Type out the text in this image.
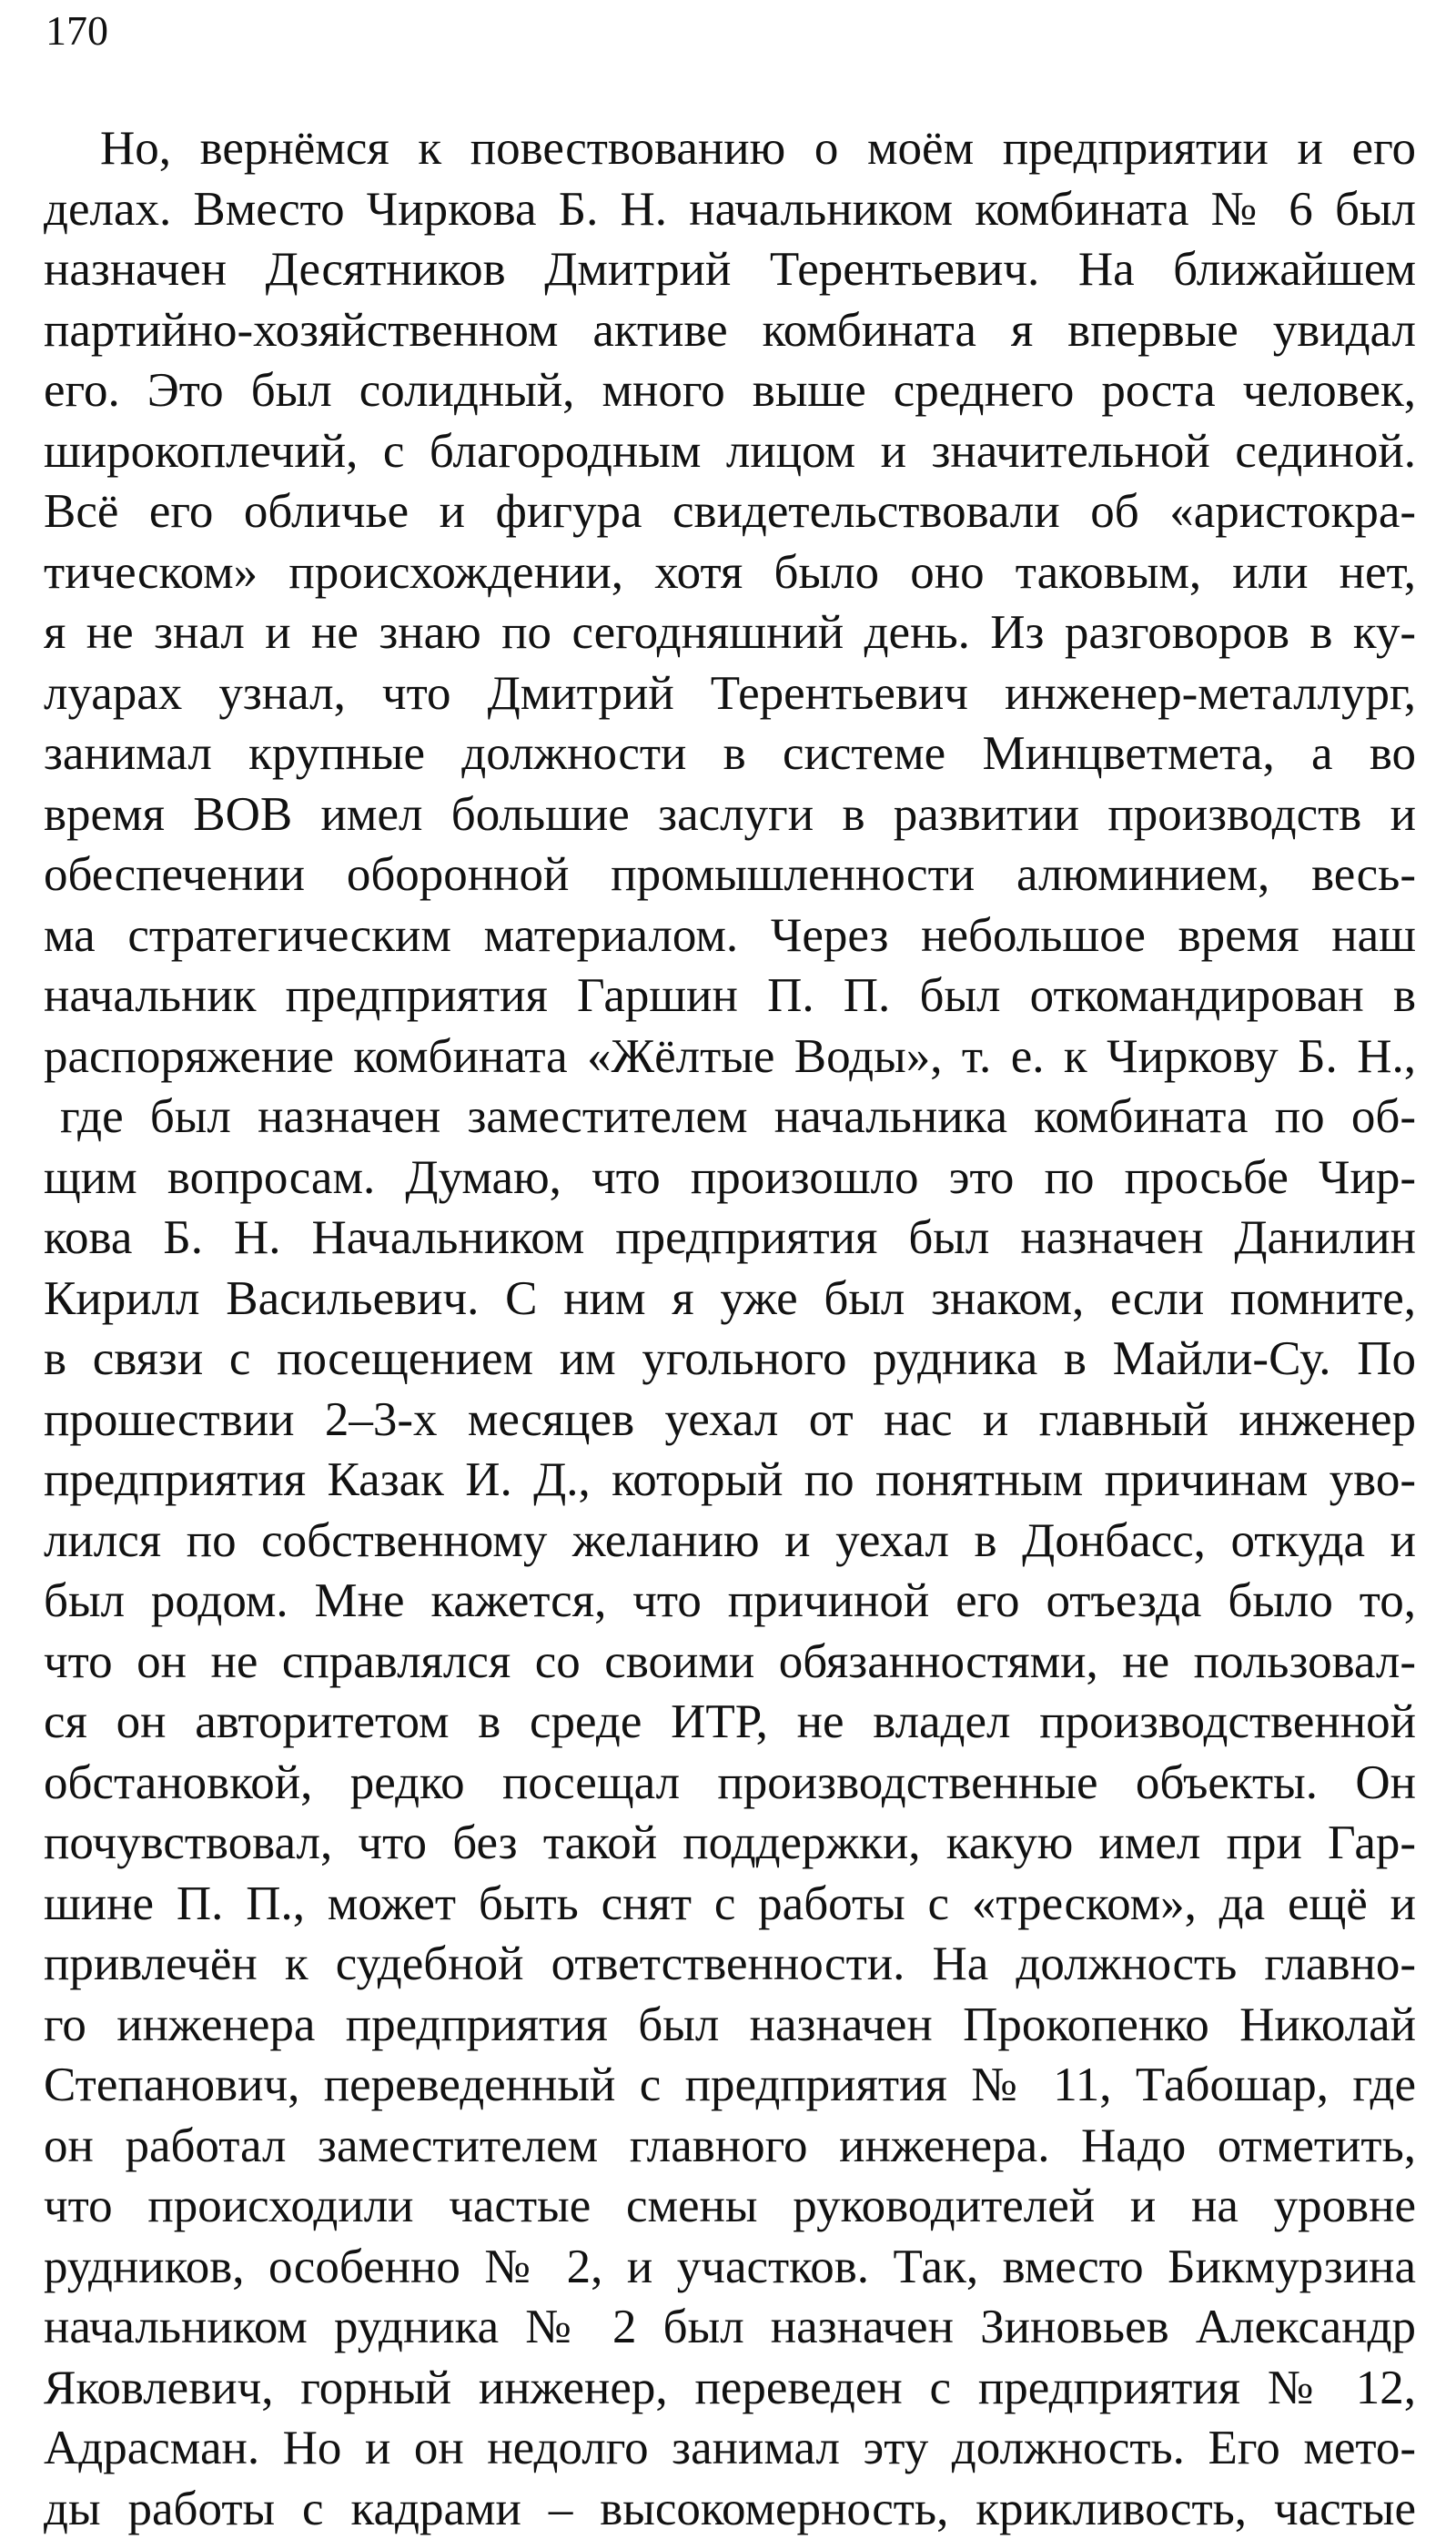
170
Но, вернёмся к повествованию о моём предприятии и его
делах. Вместо Чиркова Б. Н. начальником комбината № 6 был
назначен Десятников Дмитрий Терентьевич. На ближайшем
партийно-хозяйственном активе комбината я впервые увидал
его. Это был солидный, много выше среднего роста человек,
широкоплечий, с благородным лицом и значительной сединой.
Всё его обличье и фигура свидетельствовали об «аристокра-
тическом» происхождении, хотя было оно таковым, или нет,
я не знал и не знаю по сегодняшний день. Из разговоров в ку-
луарах узнал, что Дмитрий Терентьевич инженер-металлург,
занимал крупные должности в системе Минцветмета, а во
время ВОВ имел большие заслуги в развитии производств и
обеспечении оборонной промышленности алюминием, весь-
ма стратегическим материалом. Через небольшое время наш
начальник предприятия Гаршин П. П. был откомандирован в
распоряжение комбината «Жёлтые Воды», т. е. к Чиркову Б. Н.,
где был назначен заместителем начальника комбината по об-
щим вопросам. Думаю, что произошло это по просьбе Чир-
кова Б. Н. Начальником предприятия был назначен Данилин
Кирилл Васильевич. С ним я уже был знаком, если помните,
в связи с посещением им угольного рудника в Майли-Су. По
прошествии 2–3-х месяцев уехал от нас и главный инженер
предприятия Казак И. Д., который по понятным причинам уво-
лился по собственному желанию и уехал в Донбасс, откуда и
был родом. Мне кажется, что причиной его отъезда было то,
что он не справлялся со своими обязанностями, не пользовал-
ся он авторитетом в среде ИТР, не владел производственной
обстановкой, редко посещал производственные объекты. Он
почувствовал, что без такой поддержки, какую имел при Гар-
шине П. П., может быть снят с работы с «треском», да ещё и
привлечён к судебной ответственности. На должность главно-
го инженера предприятия был назначен Прокопенко Николай
Степанович, переведенный с предприятия № 11, Табошар, где
он работал заместителем главного инженера. Надо отметить,
что происходили частые смены руководителей и на уровне
рудников, особенно № 2, и участков. Так, вместо Бикмурзина
начальником рудника № 2 был назначен Зиновьев Александр
Яковлевич, горный инженер, переведен с предприятия № 12,
Адрасман. Но и он недолго занимал эту должность. Его мето-
ды работы с кадрами – высокомерность, крикливость, частые
